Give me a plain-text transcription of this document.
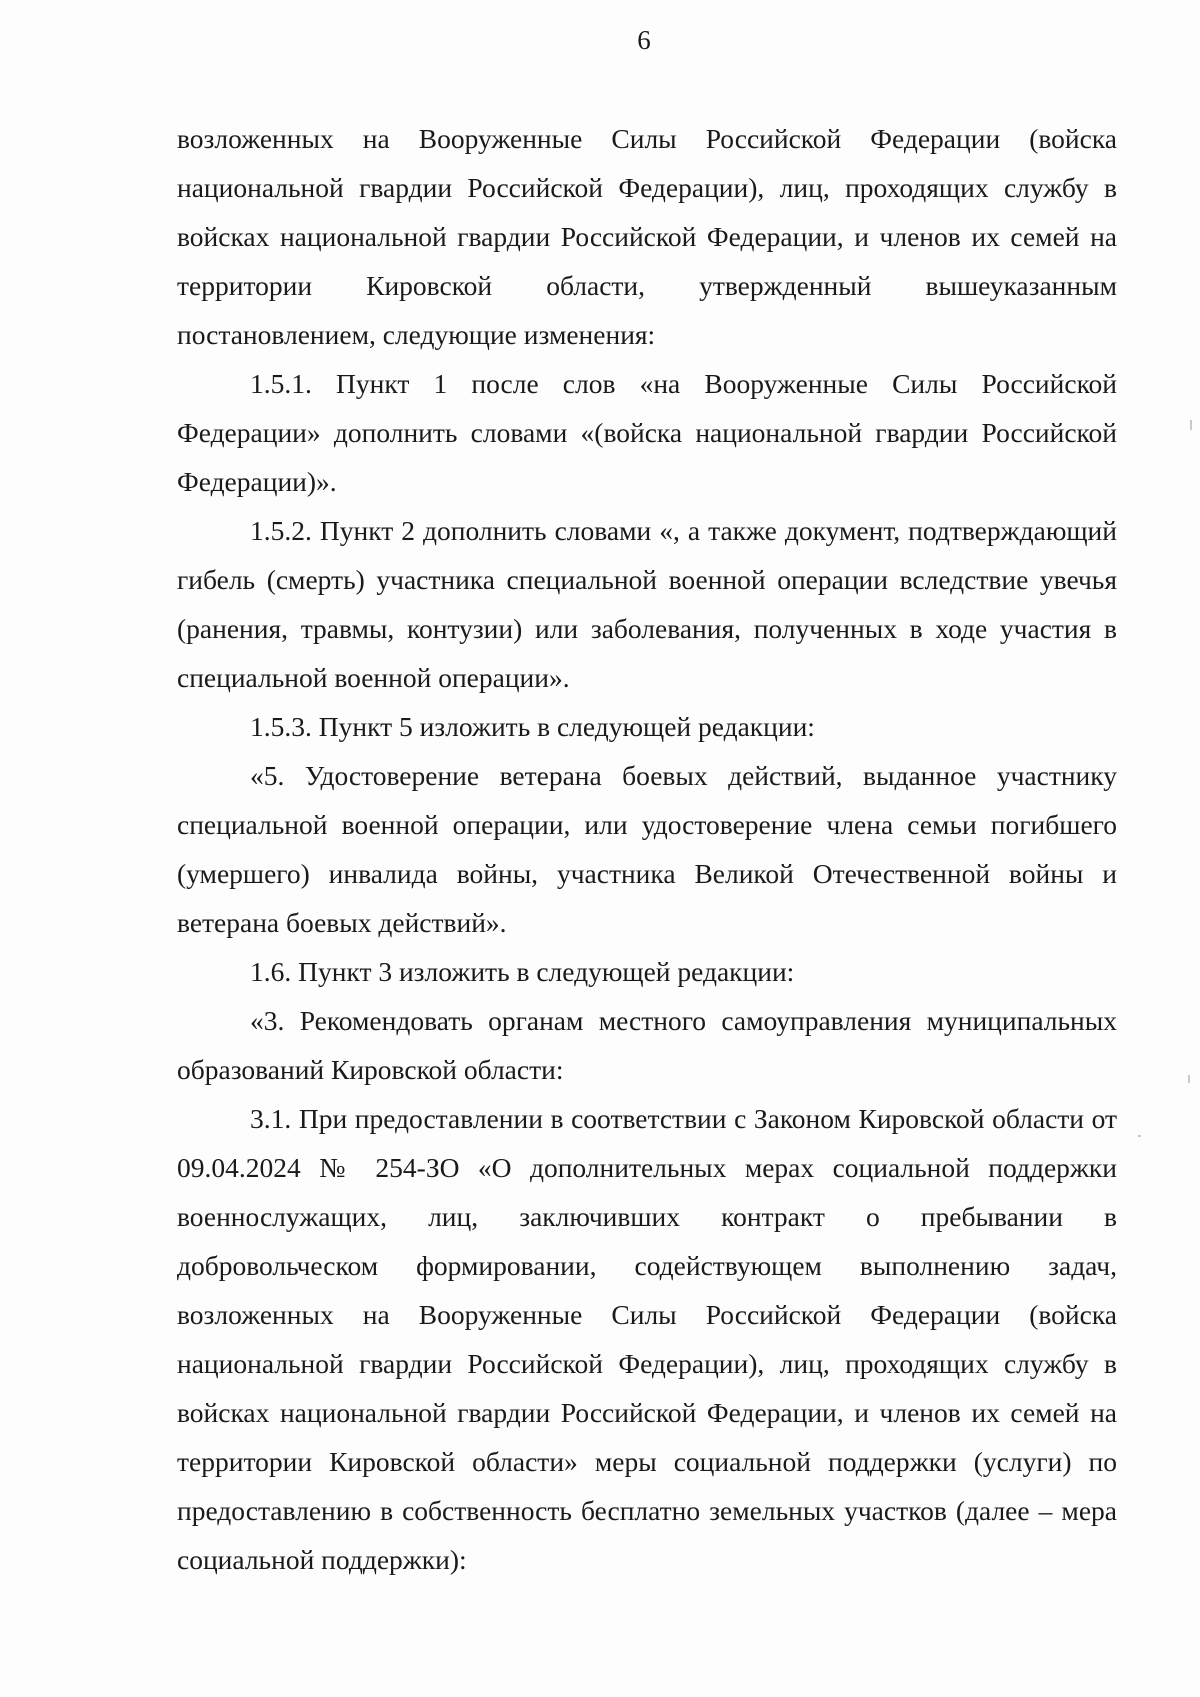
6

возложенных на Вооруженные Силы Российской Федерации (войска национальной гвардии Российской Федерации), лиц, проходящих службу в войсках национальной гвардии Российской Федерации, и членов их семей на территории Кировской области, утвержденный вышеуказанным постановлением, следующие изменения:

1.5.1. Пункт 1 после слов «на Вооруженные Силы Российской Федерации» дополнить словами «(войска национальной гвардии Российской Федерации)».

1.5.2. Пункт 2 дополнить словами «, а также документ, подтверждающий гибель (смерть) участника специальной военной операции вследствие увечья (ранения, травмы, контузии) или заболевания, полученных в ходе участия в специальной военной операции».

1.5.3. Пункт 5 изложить в следующей редакции:

«5. Удостоверение ветерана боевых действий, выданное участнику специальной военной операции, или удостоверение члена семьи погибшего (умершего) инвалида войны, участника Великой Отечественной войны и ветерана боевых действий».

1.6. Пункт 3 изложить в следующей редакции:

«3. Рекомендовать органам местного самоуправления муниципальных образований Кировской области:

3.1. При предоставлении в соответствии с Законом Кировской области от 09.04.2024 № 254-ЗО «О дополнительных мерах социальной поддержки военнослужащих, лиц, заключивших контракт о пребывании в добровольческом формировании, содействующем выполнению задач, возложенных на Вооруженные Силы Российской Федерации (войска национальной гвардии Российской Федерации), лиц, проходящих службу в войсках национальной гвардии Российской Федерации, и членов их семей на территории Кировской области» меры социальной поддержки (услуги) по предоставлению в собственность бесплатно земельных участков (далее – мера социальной поддержки):
